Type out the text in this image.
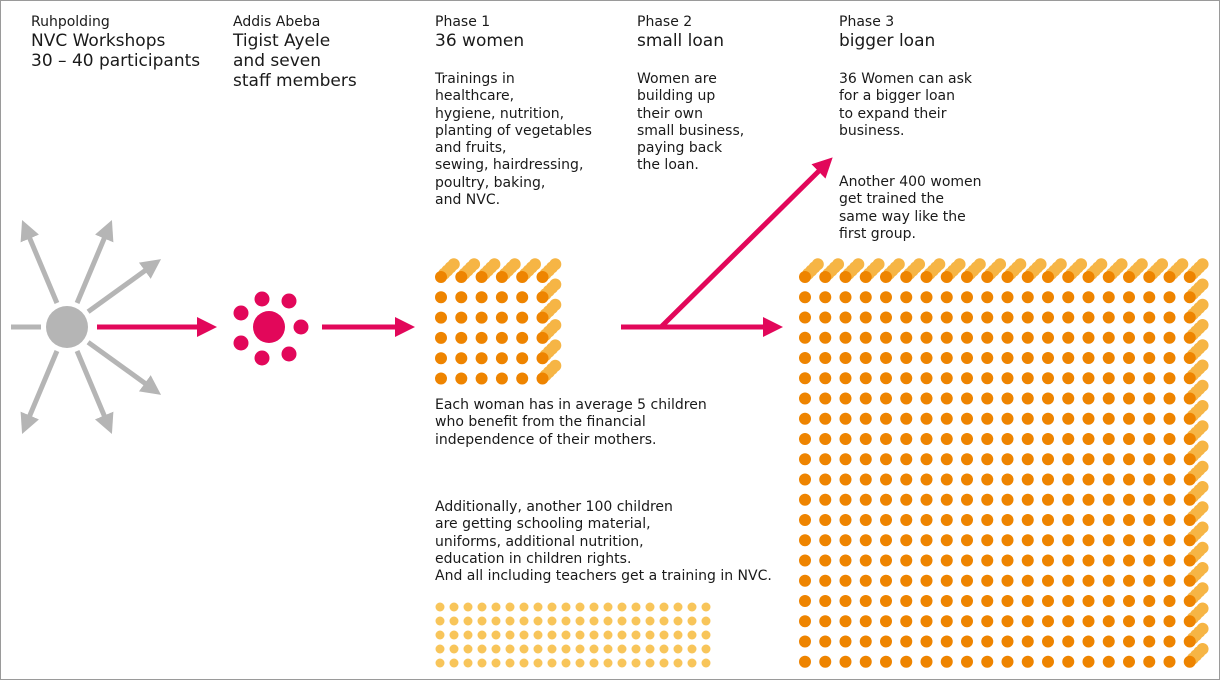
Ruhpolding

NVC Workshops
30 – 40 participants

Addis Abeba

Tigist Ayele
and seven
staff members

Phase 1

36 women

Phase 2

small loan

Phase 3

bigger loan

Trainings in
healthcare,
hygiene, nutrition,
planting of vegetables
and fruits,
sewing, hairdressing,
poultry, baking,
and NVC.

Women are
building up
their own
small business,
paying back
the loan.

36 Women can ask
for a bigger loan
to expand their
business.

Another 400 women
get trained the
same way like the
first group.

Each woman has in average 5 children
who benefit from the financial
independence of their mothers.

Additionally, another 100 children
are getting schooling material,
uniforms, additional nutrition,
education in children rights.
And all including teachers get a training in NVC.
